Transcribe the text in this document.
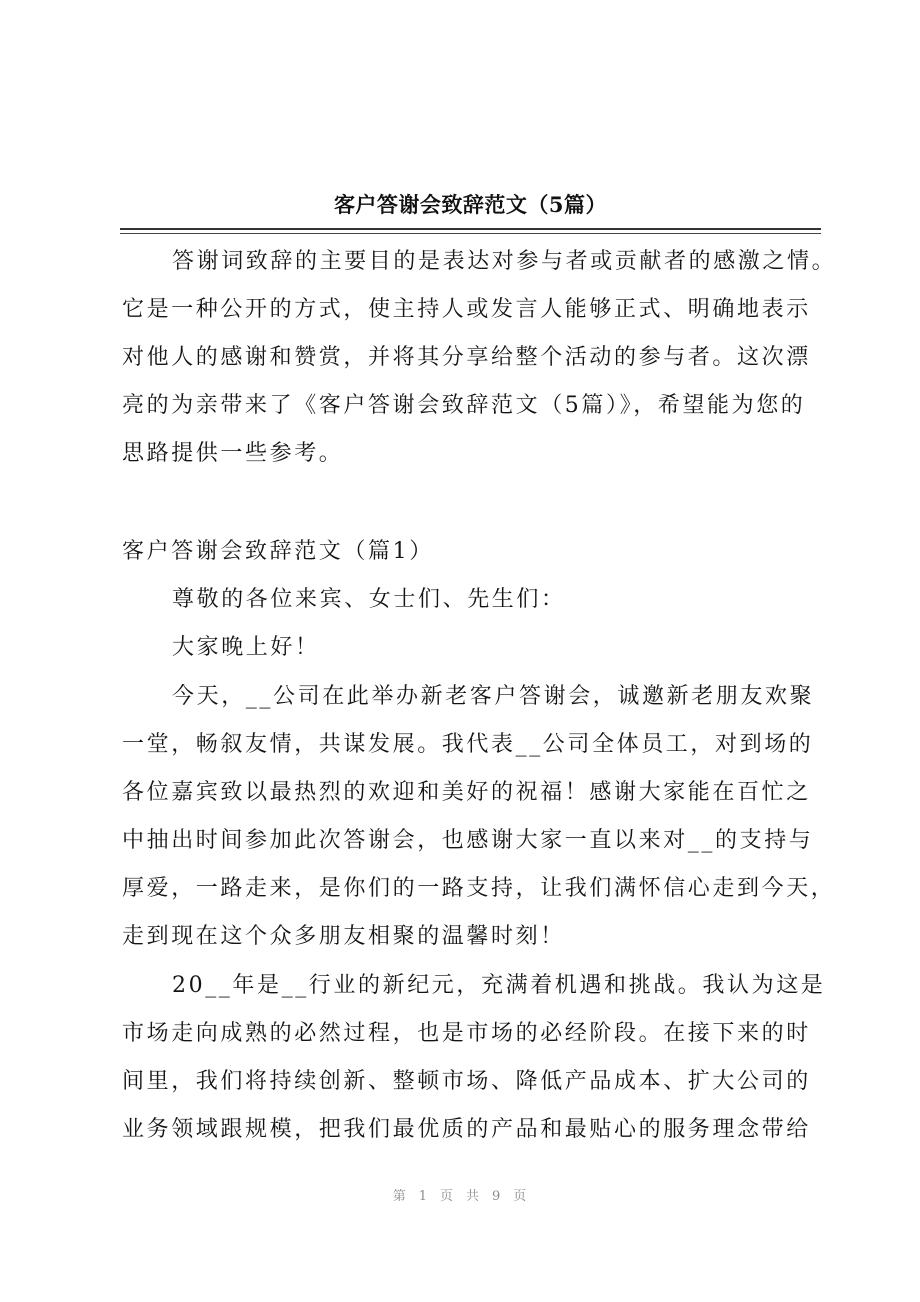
客户答谢会致辞范文（5篇）
答谢词致辞的主要目的是表达对参与者或贡献者的感激之情。
它是一种公开的方式，使主持人或发言人能够正式、明确地表示
对他人的感谢和赞赏，并将其分享给整个活动的参与者。这次漂
亮的为亲带来了《客户答谢会致辞范文（5篇）》，希望能为您的
思路提供一些参考。
客户答谢会致辞范文（篇1）
尊敬的各位来宾、女士们、先生们：
大家晚上好！
今天，__公司在此举办新老客户答谢会，诚邀新老朋友欢聚
一堂，畅叙友情，共谋发展。我代表__公司全体员工，对到场的
各位嘉宾致以最热烈的欢迎和美好的祝福！感谢大家能在百忙之
中抽出时间参加此次答谢会，也感谢大家一直以来对__的支持与
厚爱，一路走来，是你们的一路支持，让我们满怀信心走到今天，
走到现在这个众多朋友相聚的温馨时刻！
20__年是__行业的新纪元，充满着机遇和挑战。我认为这是
市场走向成熟的必然过程，也是市场的必经阶段。在接下来的时
间里，我们将持续创新、整顿市场、降低产品成本、扩大公司的
业务领域跟规模，把我们最优质的产品和最贴心的服务理念带给
第 1 页 共 9 页
